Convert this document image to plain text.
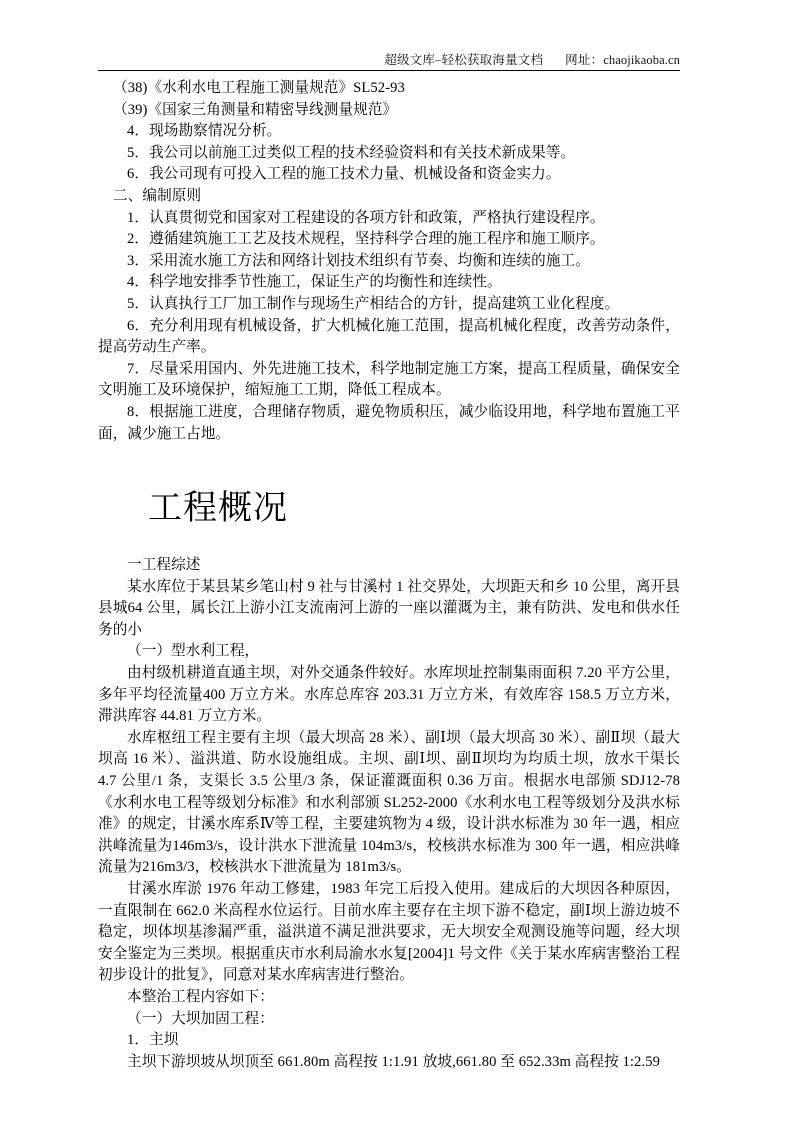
超级文库–轻松获取海量文档 网址： chaojikaoba.cn

（38)《水利水电工程施工测量规范》SL52-93

（39)《国家三角测量和精密导线测量规范》

4．现场勘察情况分析。

5．我公司以前施工过类似工程的技术经验资料和有关技术新成果等。

6．我公司现有可投入工程的施工技术力量、机械设备和资金实力。

二、编制原则

1．认真贯彻党和国家对工程建设的各项方针和政策，严格执行建设程序。

2．遵循建筑施工工艺及技术规程，坚持科学合理的施工程序和施工顺序。

3．采用流水施工方法和网络计划技术组织有节奏、均衡和连续的施工。

4．科学地安排季节性施工，保证生产的均衡性和连续性。

5．认真执行工厂加工制作与现场生产相结合的方针，提高建筑工业化程度。

6．充分利用现有机械设备，扩大机械化施工范围，提高机械化程度，改善劳动条件，提高劳动生产率。

7．尽量采用国内、外先进施工技术，科学地制定施工方案，提高工程质量，确保安全文明施工及环境保护，缩短施工工期，降低工程成本。

8．根据施工进度，合理储存物质，避免物质积压，减少临设用地，科学地布置施工平面，减少施工占地。

工程概况

一工程综述

某水库位于某县某乡笔山村 9 社与甘溪村 1 社交界处，大坝距天和乡 10 公里，离开县县城64 公里，属长江上游小江支流南河上游的一座以灌溉为主，兼有防洪、发电和供水任务的小

（一）型水利工程，

由村级机耕道直通主坝，对外交通条件较好。水库坝址控制集雨面积 7.20 平方公里，多年平均径流量400 万立方米。水库总库容 203.31 万立方米，有效库容 158.5 万立方米，滞洪库容 44.81 万立方米。

水库枢纽工程主要有主坝（最大坝高 28 米）、副Ⅰ坝（最大坝高 30 米）、副Ⅱ坝（最大坝高 16 米）、溢洪道、防水设施组成。主坝、副Ⅰ坝、副Ⅱ坝均为均质土坝，放水干渠长 4.7 公里/1 条，支渠长 3.5 公里/3 条，保证灌溉面积 0.36 万亩。根据水电部颁 SDJ12-78《水利水电工程等级划分标准》和水利部颁 SL252-2000《水利水电工程等级划分及洪水标准》的规定，甘溪水库系Ⅳ等工程，主要建筑物为 4 级，设计洪水标准为 30 年一遇，相应洪峰流量为146m3/s，设计洪水下泄流量 104m3/s，校核洪水标准为 300 年一遇，相应洪峰流量为216m3/3，校核洪水下泄流量为 181m3/s。

甘溪水库淤 1976 年动工修建，1983 年完工后投入使用。建成后的大坝因各种原因，一直限制在 662.0 米高程水位运行。目前水库主要存在主坝下游不稳定，副Ⅰ坝上游边坡不稳定，坝体坝基渗漏严重，溢洪道不满足泄洪要求，无大坝安全观测设施等问题，经大坝安全鉴定为三类坝。根据重庆市水利局渝水水复[2004]1 号文件《关于某水库病害整治工程初步设计的批复》，同意对某水库病害进行整治。

本整治工程内容如下：

（一）大坝加固工程：

1．主坝

主坝下游坝坡从坝顶至 661.80m 高程按 1:1.91 放坡,661.80 至 652.33m 高程按 1:2.59
